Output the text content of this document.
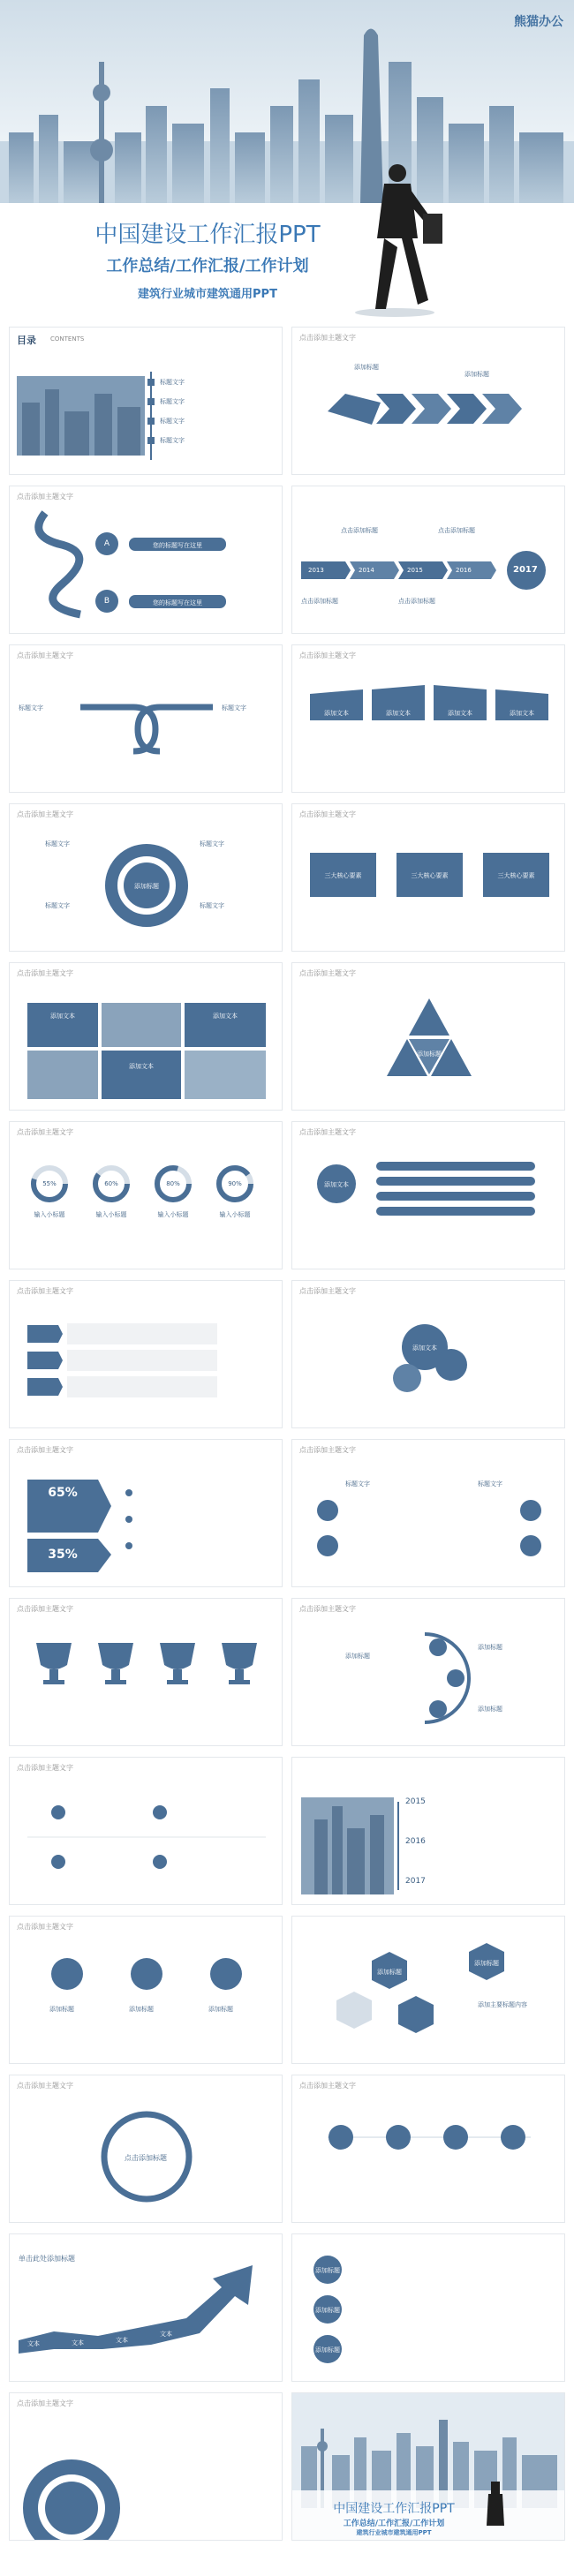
熊猫办公
中国建设工作汇报PPT
工作总结/工作汇报/工作计划
建筑行业城市建筑通用PPT
目录 CONTENTS
标题文字
标题文字
标题文字
标题文字
点击添加主题文字
添加标题
添加标题
点击添加主题文字
A
B
您的标题写在这里
您的标题写在这里
2013	2014	2015	2016	2017
点击添加标题	点击添加标题
点击添加标题	点击添加标题
点击添加主题文字
标题文字	标题文字
点击添加主题文字
添加文本	添加文本	添加文本	添加文本
点击添加主题文字
添加标题
标题文字	标题文字
标题文字	标题文字
点击添加主题文字
三大核心要素	三大核心要素	三大核心要素
点击添加主题文字
添加文本	添加文本
添加文本
点击添加主题文字
添加标题
点击添加主题文字
55%	60%	80%	90%
输入小标题	输入小标题	输入小标题	输入小标题
点击添加主题文字
添加文本
点击添加主题文字	点击添加主题文字
添加文本
点击添加主题文字
65%
35%
点击添加主题文字
标题文字	标题文字
点击添加主题文字	点击添加主题文字
添加标题
添加标题
添加标题
点击添加主题文字
2015
2016
2017
点击添加主题文字
添加标题	添加标题	添加标题
添加标题
添加标题
添加主要标题内容
点击添加主题文字
点击添加标题
点击添加主题文字
单击此处添加标题
文本	文本	文本
文本
添加标题
添加标题
添加标题
点击添加主题文字
中国建设工作汇报PPT
工作总结/工作汇报/工作计划
建筑行业城市建筑通用PPT
